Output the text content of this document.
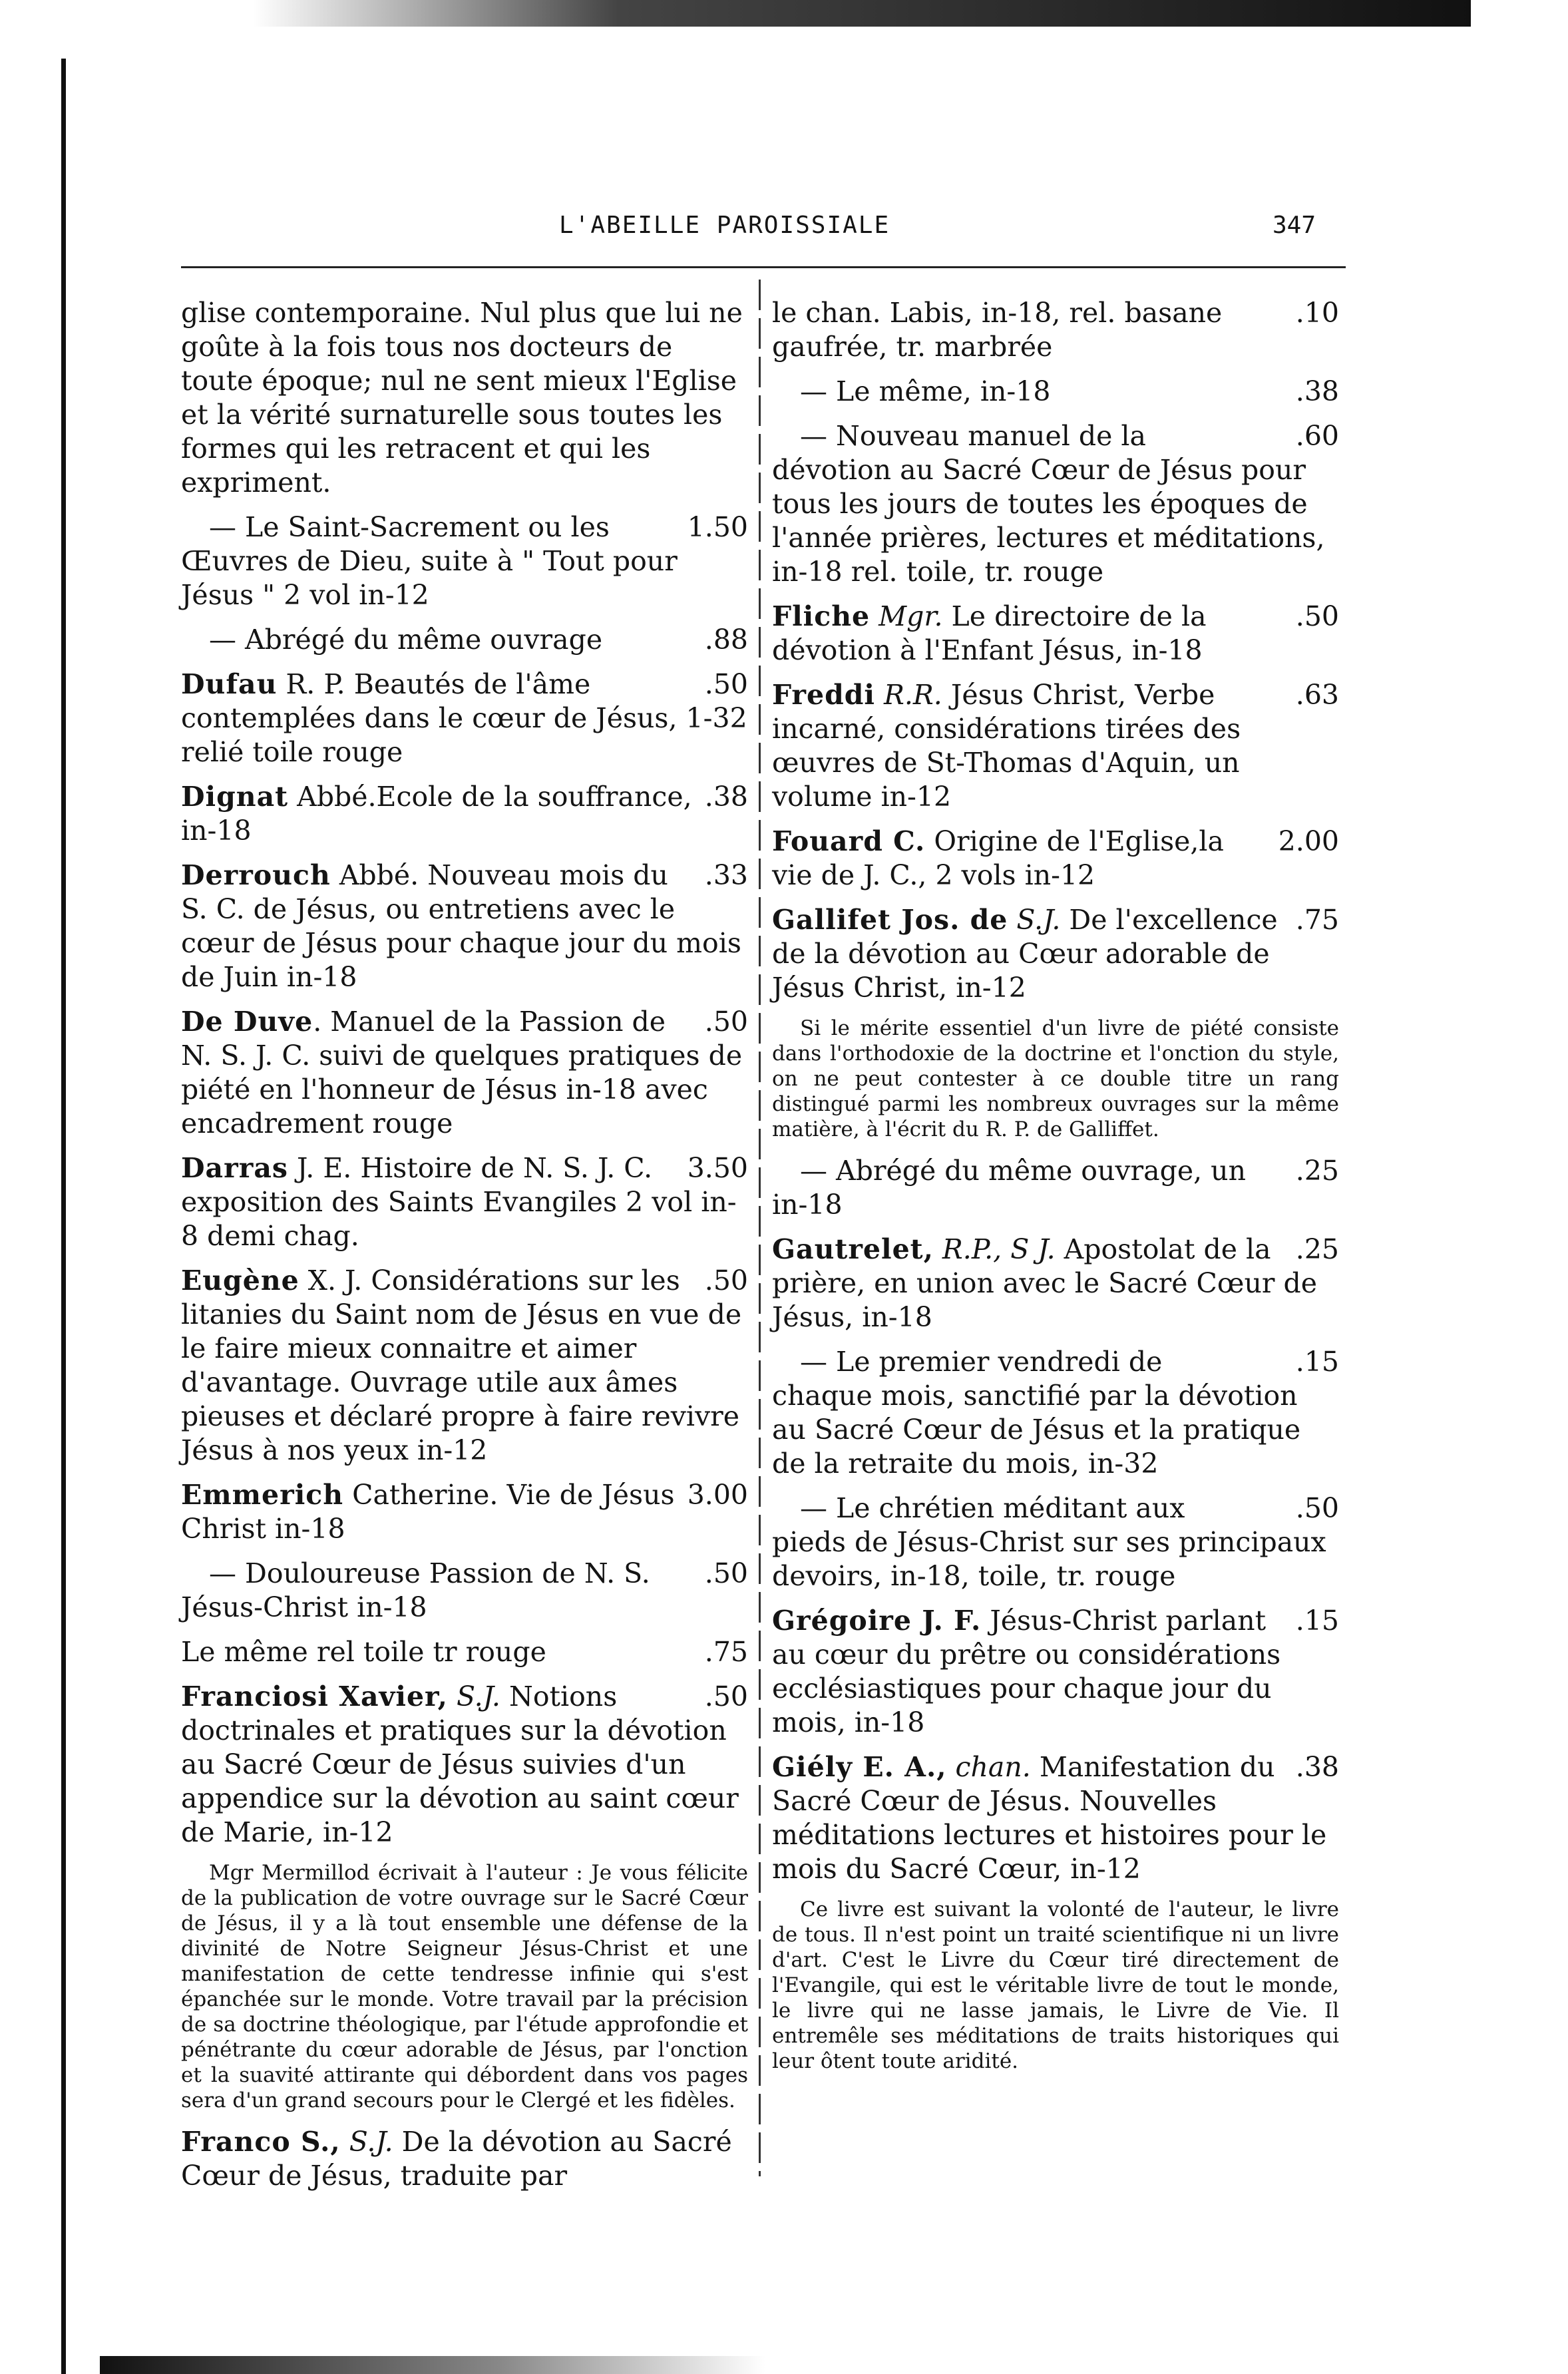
L'ABEILLE PAROISSIALE	347
glise contemporaine. Nul plus que lui ne goûte à la fois tous nos docteurs de toute époque; nul ne sent mieux l'Eglise et la vérité surnaturelle sous toutes les formes qui les retracent et qui les expriment.
1.50
— Le Saint-Sacrement ou les Œuvres de Dieu, suite à " Tout pour Jésus " 2 vol in-12
.88
— Abrégé du même ouvrage
.50
Dufau R. P. Beautés de l'âme contemplées dans le cœur de Jésus, 1-32 relié toile rouge
.38
Dignat Abbé.Ecole de la souffrance, in-18
.33
Derrouch Abbé. Nouveau mois du S. C. de Jésus, ou entretiens avec le cœur de Jésus pour chaque jour du mois de Juin in-18
.50
De Duve. Manuel de la Passion de N. S. J. C. suivi de quelques pratiques de piété en l'honneur de Jésus in-18 avec encadrement rouge
3.50
Darras J. E. Histoire de N. S. J. C. exposition des Saints Evangiles 2 vol in-8 demi chag.
.50
Eugène X. J. Considérations sur les litanies du Saint nom de Jésus en vue de le faire mieux connaitre et aimer d'avantage. Ouvrage utile aux âmes pieuses et déclaré propre à faire revivre Jésus à nos yeux in-12
3.00
Emmerich Catherine. Vie de Jésus Christ in-18
.50
— Douloureuse Passion de N. S. Jésus-Christ in-18
.75
Le même rel toile tr rouge
.50
Franciosi Xavier, S.J. Notions doctrinales et pratiques sur la dévotion au Sacré Cœur de Jésus suivies d'un appendice sur la dévotion au saint cœur de Marie, in-12
Mgr Mermillod écrivait à l'auteur : Je vous félicite de la publication de votre ouvrage sur le Sacré Cœur de Jésus, il y a là tout ensemble une défense de la divinité de Notre Seigneur Jésus-Christ et une manifestation de cette tendresse infinie qui s'est épanchée sur le monde. Votre travail par la précision de sa doctrine théologique, par l'étude approfondie et pénétrante du cœur adorable de Jésus, par l'onction et la suavité attirante qui débordent dans vos pages sera d'un grand secours pour le Clergé et les fidèles.
Franco S., S.J. De la dévotion au Sacré Cœur de Jésus, traduite par
.10
le chan. Labis, in-18, rel. basane gaufrée, tr. marbrée
.38
— Le même, in-18
.60
— Nouveau manuel de la dévotion au Sacré Cœur de Jésus pour tous les jours de toutes les époques de l'année prières, lectures et méditations, in-18 rel. toile, tr. rouge
.50
Fliche Mgr. Le directoire de la dévotion à l'Enfant Jésus, in-18
.63
Freddi R.R. Jésus Christ, Verbe incarné, considérations tirées des œuvres de St-Thomas d'Aquin, un volume in-12
2.00
Fouard C. Origine de l'Eglise,la vie de J. C., 2 vols in-12
.75
Gallifet Jos. de S.J. De l'excellence de la dévotion au Cœur adorable de Jésus Christ, in-12
Si le mérite essentiel d'un livre de piété consiste dans l'orthodoxie de la doctrine et l'onction du style, on ne peut contester à ce double titre un rang distingué parmi les nombreux ouvrages sur la même matière, à l'écrit du R. P. de Galliffet.
.25
— Abrégé du même ouvrage, un in-18
.25
Gautrelet, R.P., S J. Apostolat de la prière, en union avec le Sacré Cœur de Jésus, in-18
.15
— Le premier vendredi de chaque mois, sanctifié par la dévotion au Sacré Cœur de Jésus et la pratique de la retraite du mois, in-32
.50
— Le chrétien méditant aux pieds de Jésus-Christ sur ses principaux devoirs, in-18, toile, tr. rouge
.15
Grégoire J. F. Jésus-Christ parlant au cœur du prêtre ou considérations ecclésiastiques pour chaque jour du mois, in-18
.38
Giély E. A., chan. Manifestation du Sacré Cœur de Jésus. Nouvelles méditations lectures et histoires pour le mois du Sacré Cœur, in-12
Ce livre est suivant la volonté de l'auteur, le livre de tous. Il n'est point un traité scientifique ni un livre d'art. C'est le Livre du Cœur tiré directement de l'Evangile, qui est le véritable livre de tout le monde, le livre qui ne lasse jamais, le Livre de Vie. Il entremêle ses méditations de traits historiques qui leur ôtent toute aridité.
